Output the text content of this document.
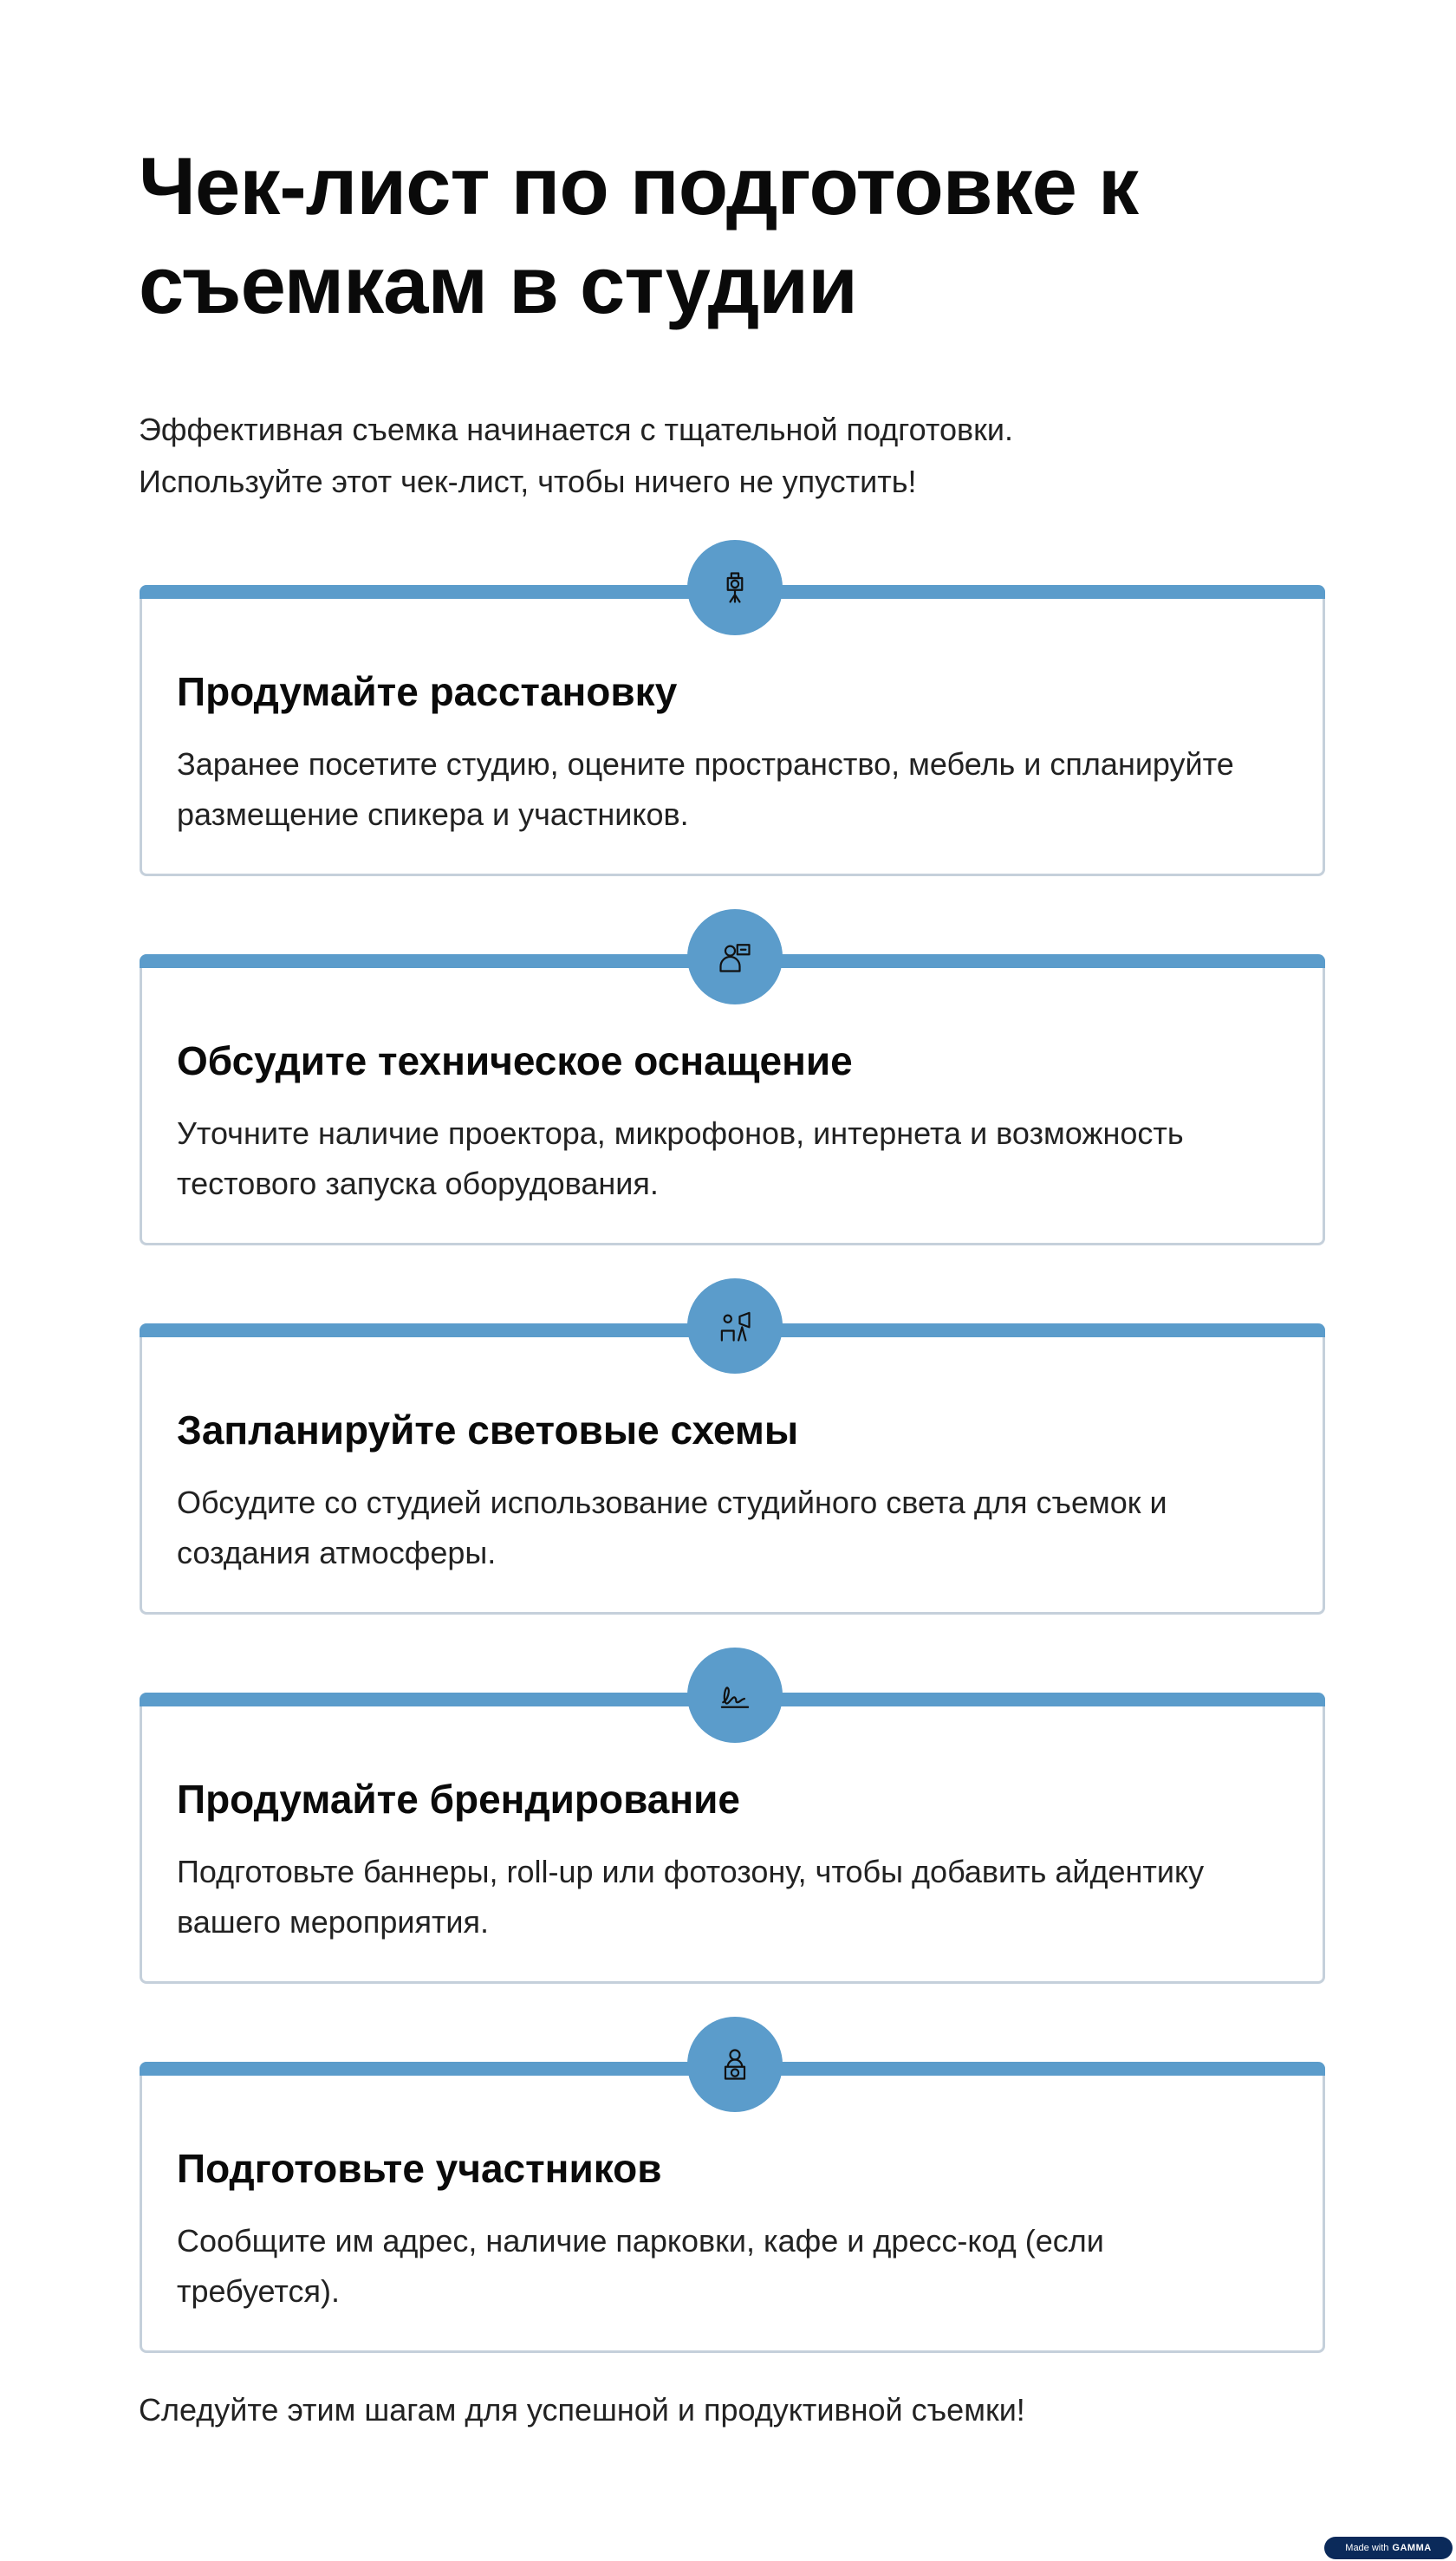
Чек-лист по подготовке к съемкам в студии
Эффективная съемка начинается с тщательной подготовки.
Используйте этот чек-лист, чтобы ничего не упустить!
Продумайте расстановку
Заранее посетите студию, оцените пространство, мебель и спланируйте размещение спикера и участников.
Обсудите техническое оснащение
Уточните наличие проектора, микрофонов, интернета и возможность тестового запуска оборудования.
Запланируйте световые схемы
Обсудите со студией использование студийного света для съемок и создания атмосферы.
Продумайте брендирование
Подготовьте баннеры, roll-up или фотозону, чтобы добавить айдентику вашего мероприятия.
Подготовьте участников
Сообщите им адрес, наличие парковки, кафе и дресс-код (если требуется).
Следуйте этим шагам для успешной и продуктивной съемки!
Made with GAMMA
